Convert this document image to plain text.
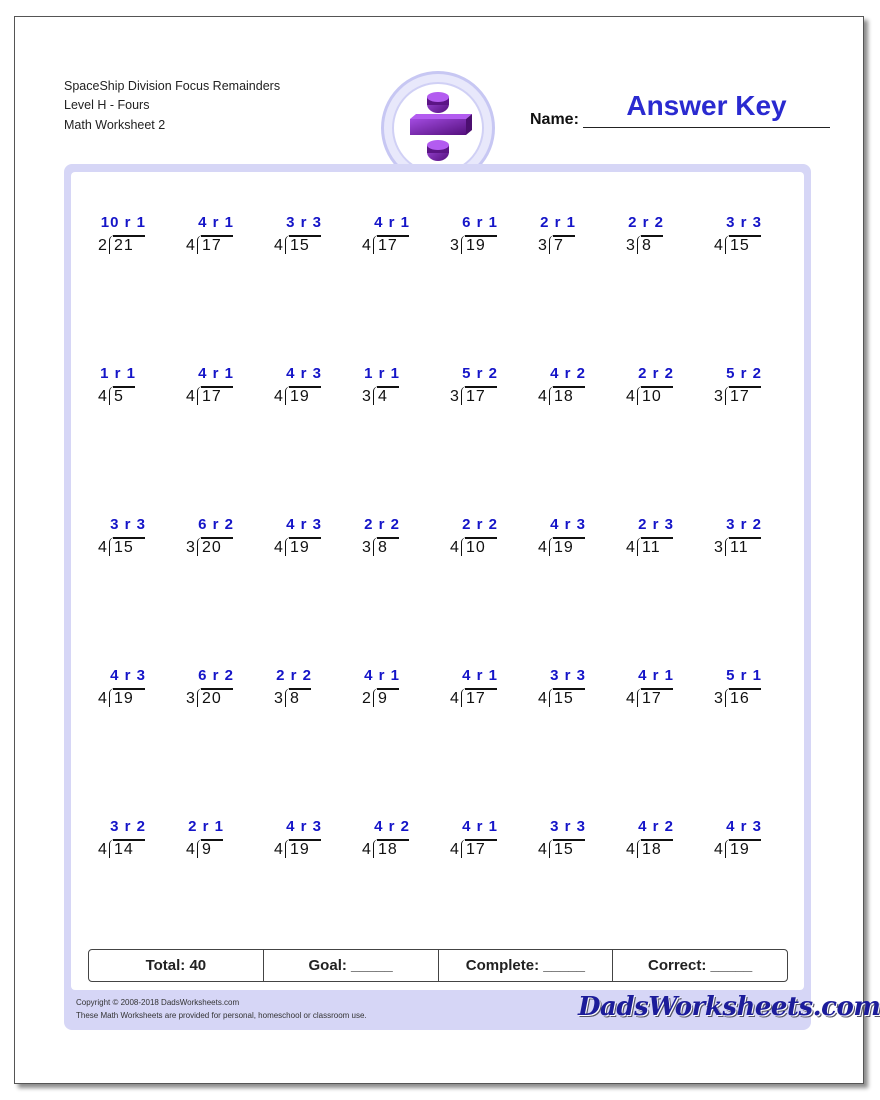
SpaceShip Division Focus Remainders
Level H - Fours
Math Worksheet 2	Name:	Answer Key
2 21
10 r 1
4 17
4 r 1
4 15
3 r 3
4 17
4 r 1
3 19
6 r 1
3 7
2 r 1
3 8
2 r 2
4 15
3 r 3
4 5
1 r 1
4 17
4 r 1
4 19
4 r 3
3 4
1 r 1
3 17
5 r 2
4 18
4 r 2
4 10
2 r 2
3 17
5 r 2
4 15
3 r 3
3 20
6 r 2
4 19
4 r 3
3 8
2 r 2
4 10
2 r 2
4 19
4 r 3
4 11
2 r 3
3 11
3 r 2
4 19
4 r 3
3 20
6 r 2
3 8
2 r 2
2 9
4 r 1
4 17
4 r 1
4 15
3 r 3
4 17
4 r 1
3 16
5 r 1
4 14
3 r 2
4 9
2 r 1
4 19
4 r 3
4 18
4 r 2
4 17
4 r 1
4 15
3 r 3
4 18
4 r 2
4 19
4 r 3
Total: 40	Goal: _____	Complete: _____	Correct: _____
Copyright © 2008-2018 DadsWorksheets.com
These Math Worksheets are provided for personal, homeschool or classroom use.	DadsWorksheets.com
